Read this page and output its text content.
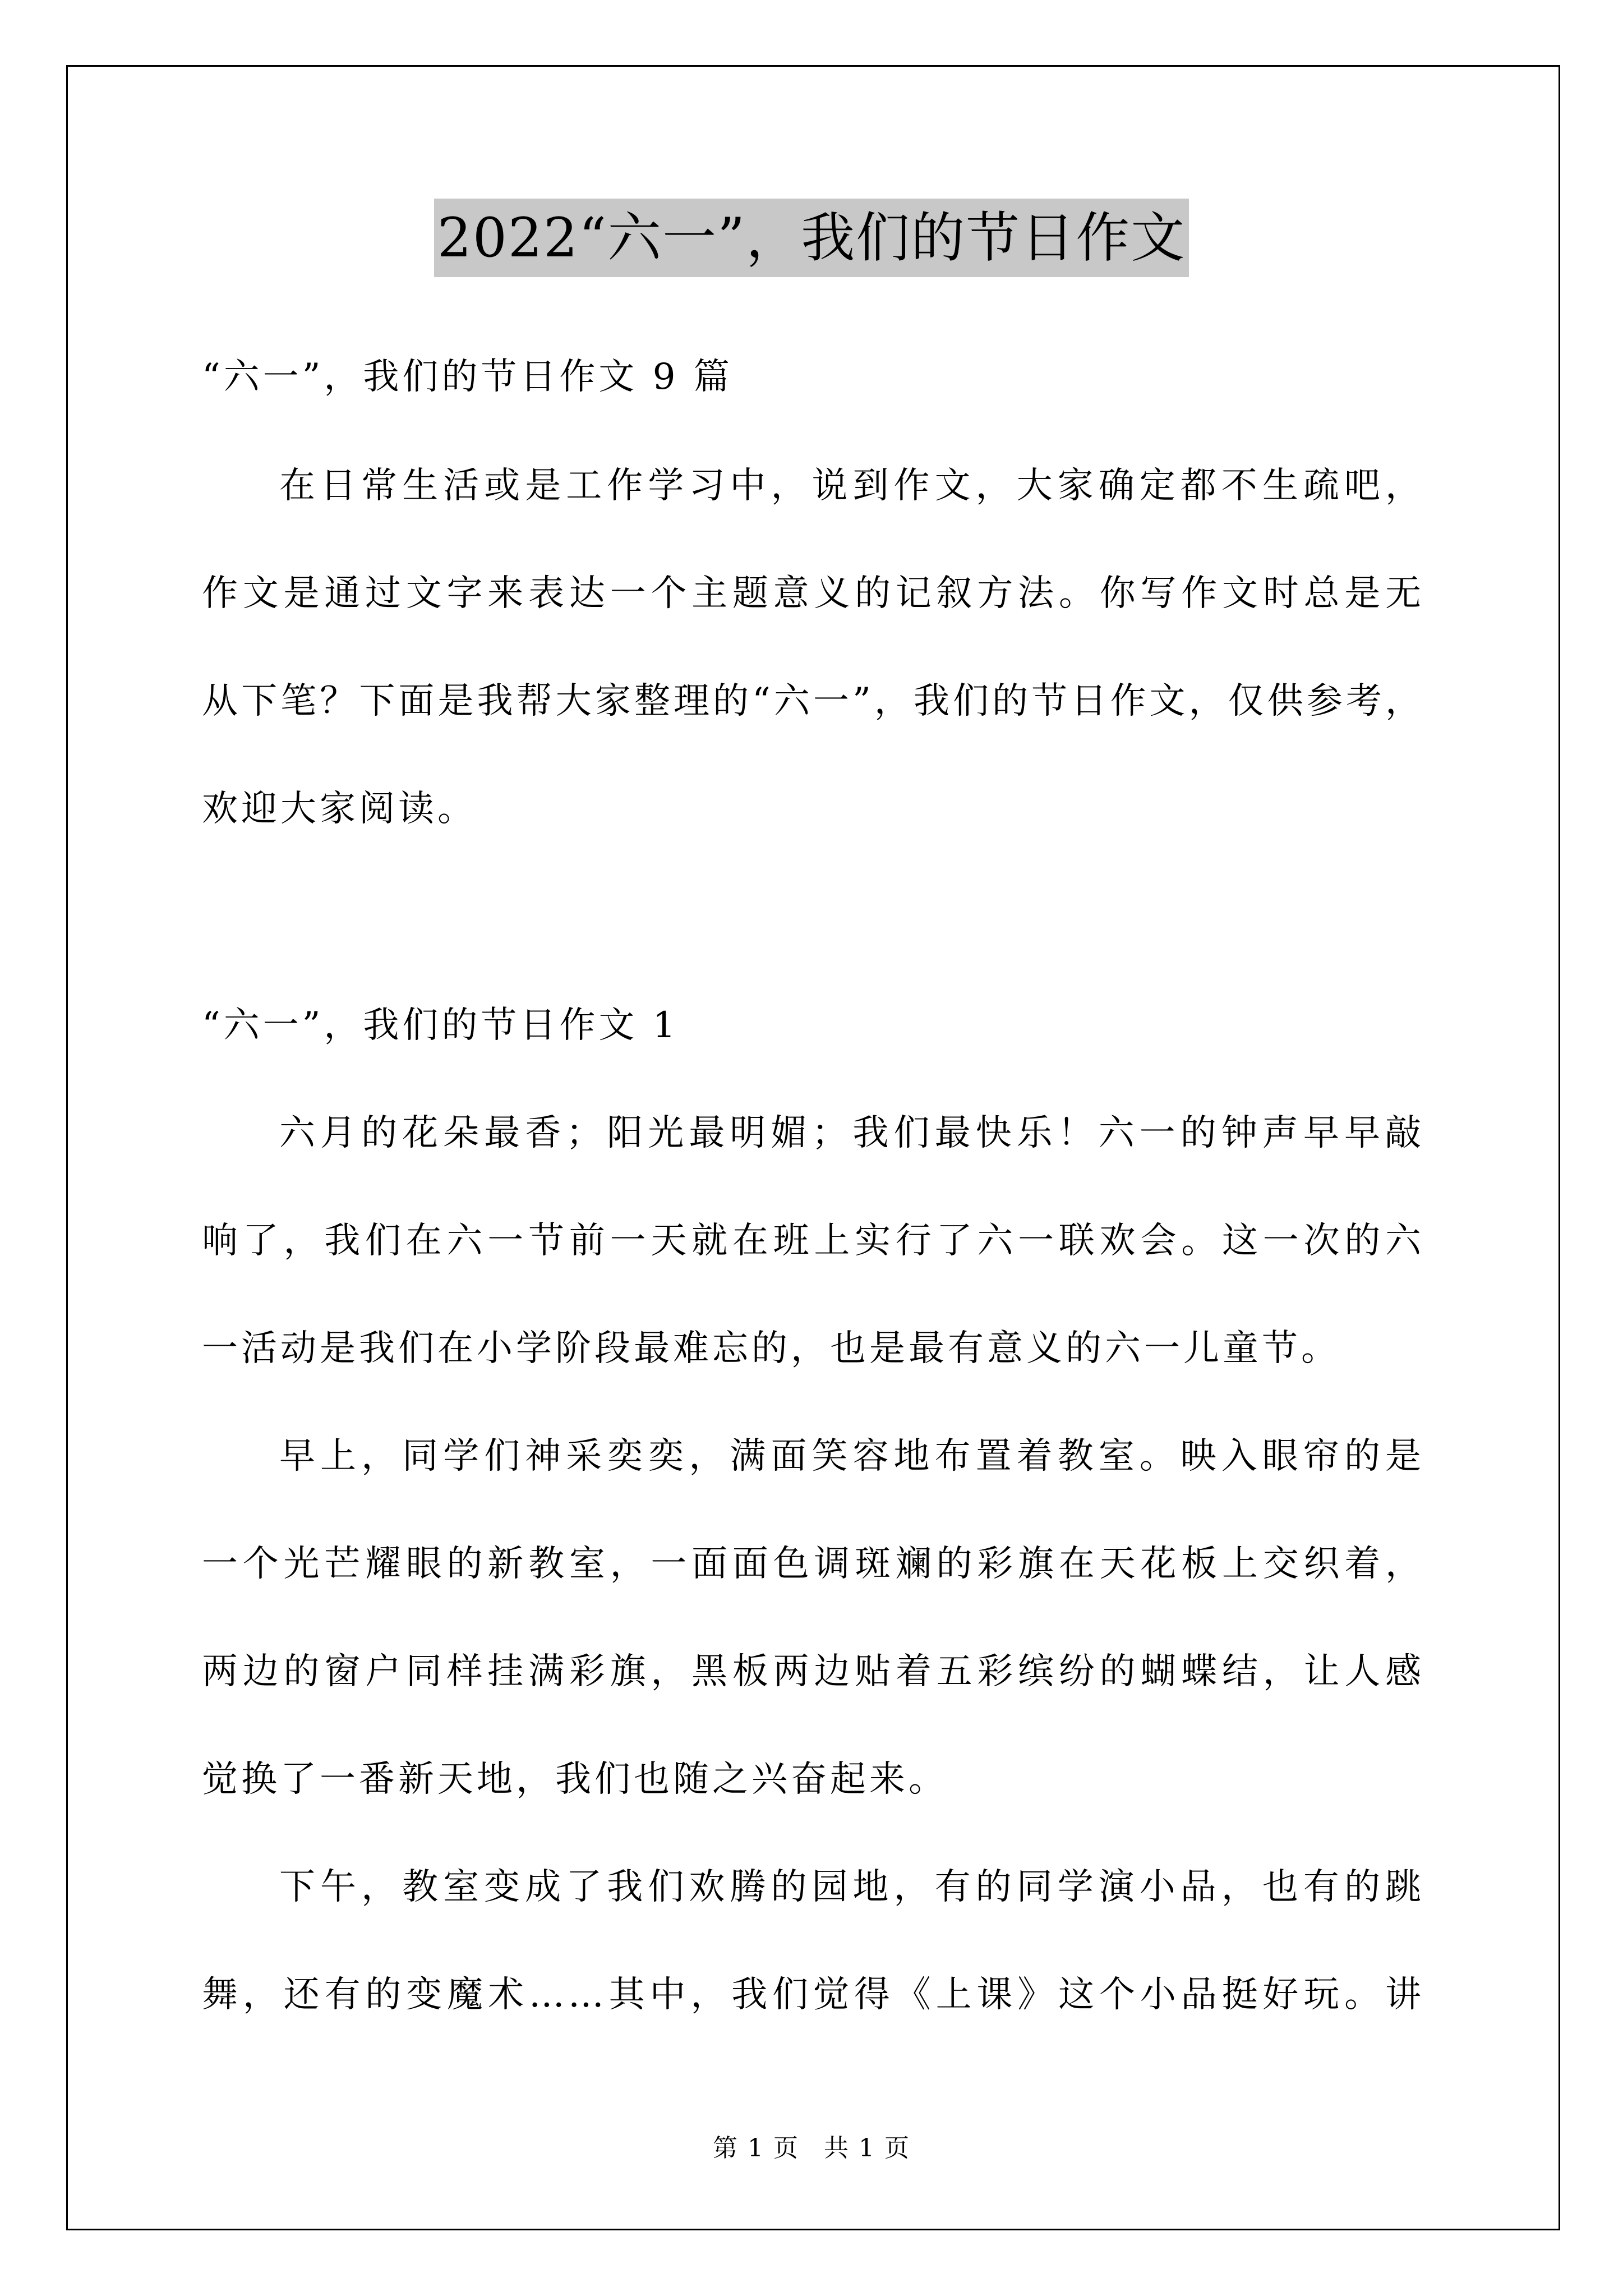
2022“六一”，我们的节日作文
“六一”，我们的节日作文 9 篇
在日常生活或是工作学习中，说到作文，大家确定都不生疏吧，
作文是通过文字来表达一个主题意义的记叙方法。你写作文时总是无
从下笔？下面是我帮大家整理的“六一”，我们的节日作文，仅供参考，
欢迎大家阅读。
“六一”，我们的节日作文 1
六月的花朵最香；阳光最明媚；我们最快乐！六一的钟声早早敲
响了，我们在六一节前一天就在班上实行了六一联欢会。这一次的六
一活动是我们在小学阶段最难忘的，也是最有意义的六一儿童节。
早上，同学们神采奕奕，满面笑容地布置着教室。映入眼帘的是
一个光芒耀眼的新教室，一面面色调斑斓的彩旗在天花板上交织着，
两边的窗户同样挂满彩旗，黑板两边贴着五彩缤纷的蝴蝶结，让人感
觉换了一番新天地，我们也随之兴奋起来。
下午，教室变成了我们欢腾的园地，有的同学演小品，也有的跳
舞，还有的变魔术……其中，我们觉得《上课》这个小品挺好玩。讲
第 1 页 共 1 页
